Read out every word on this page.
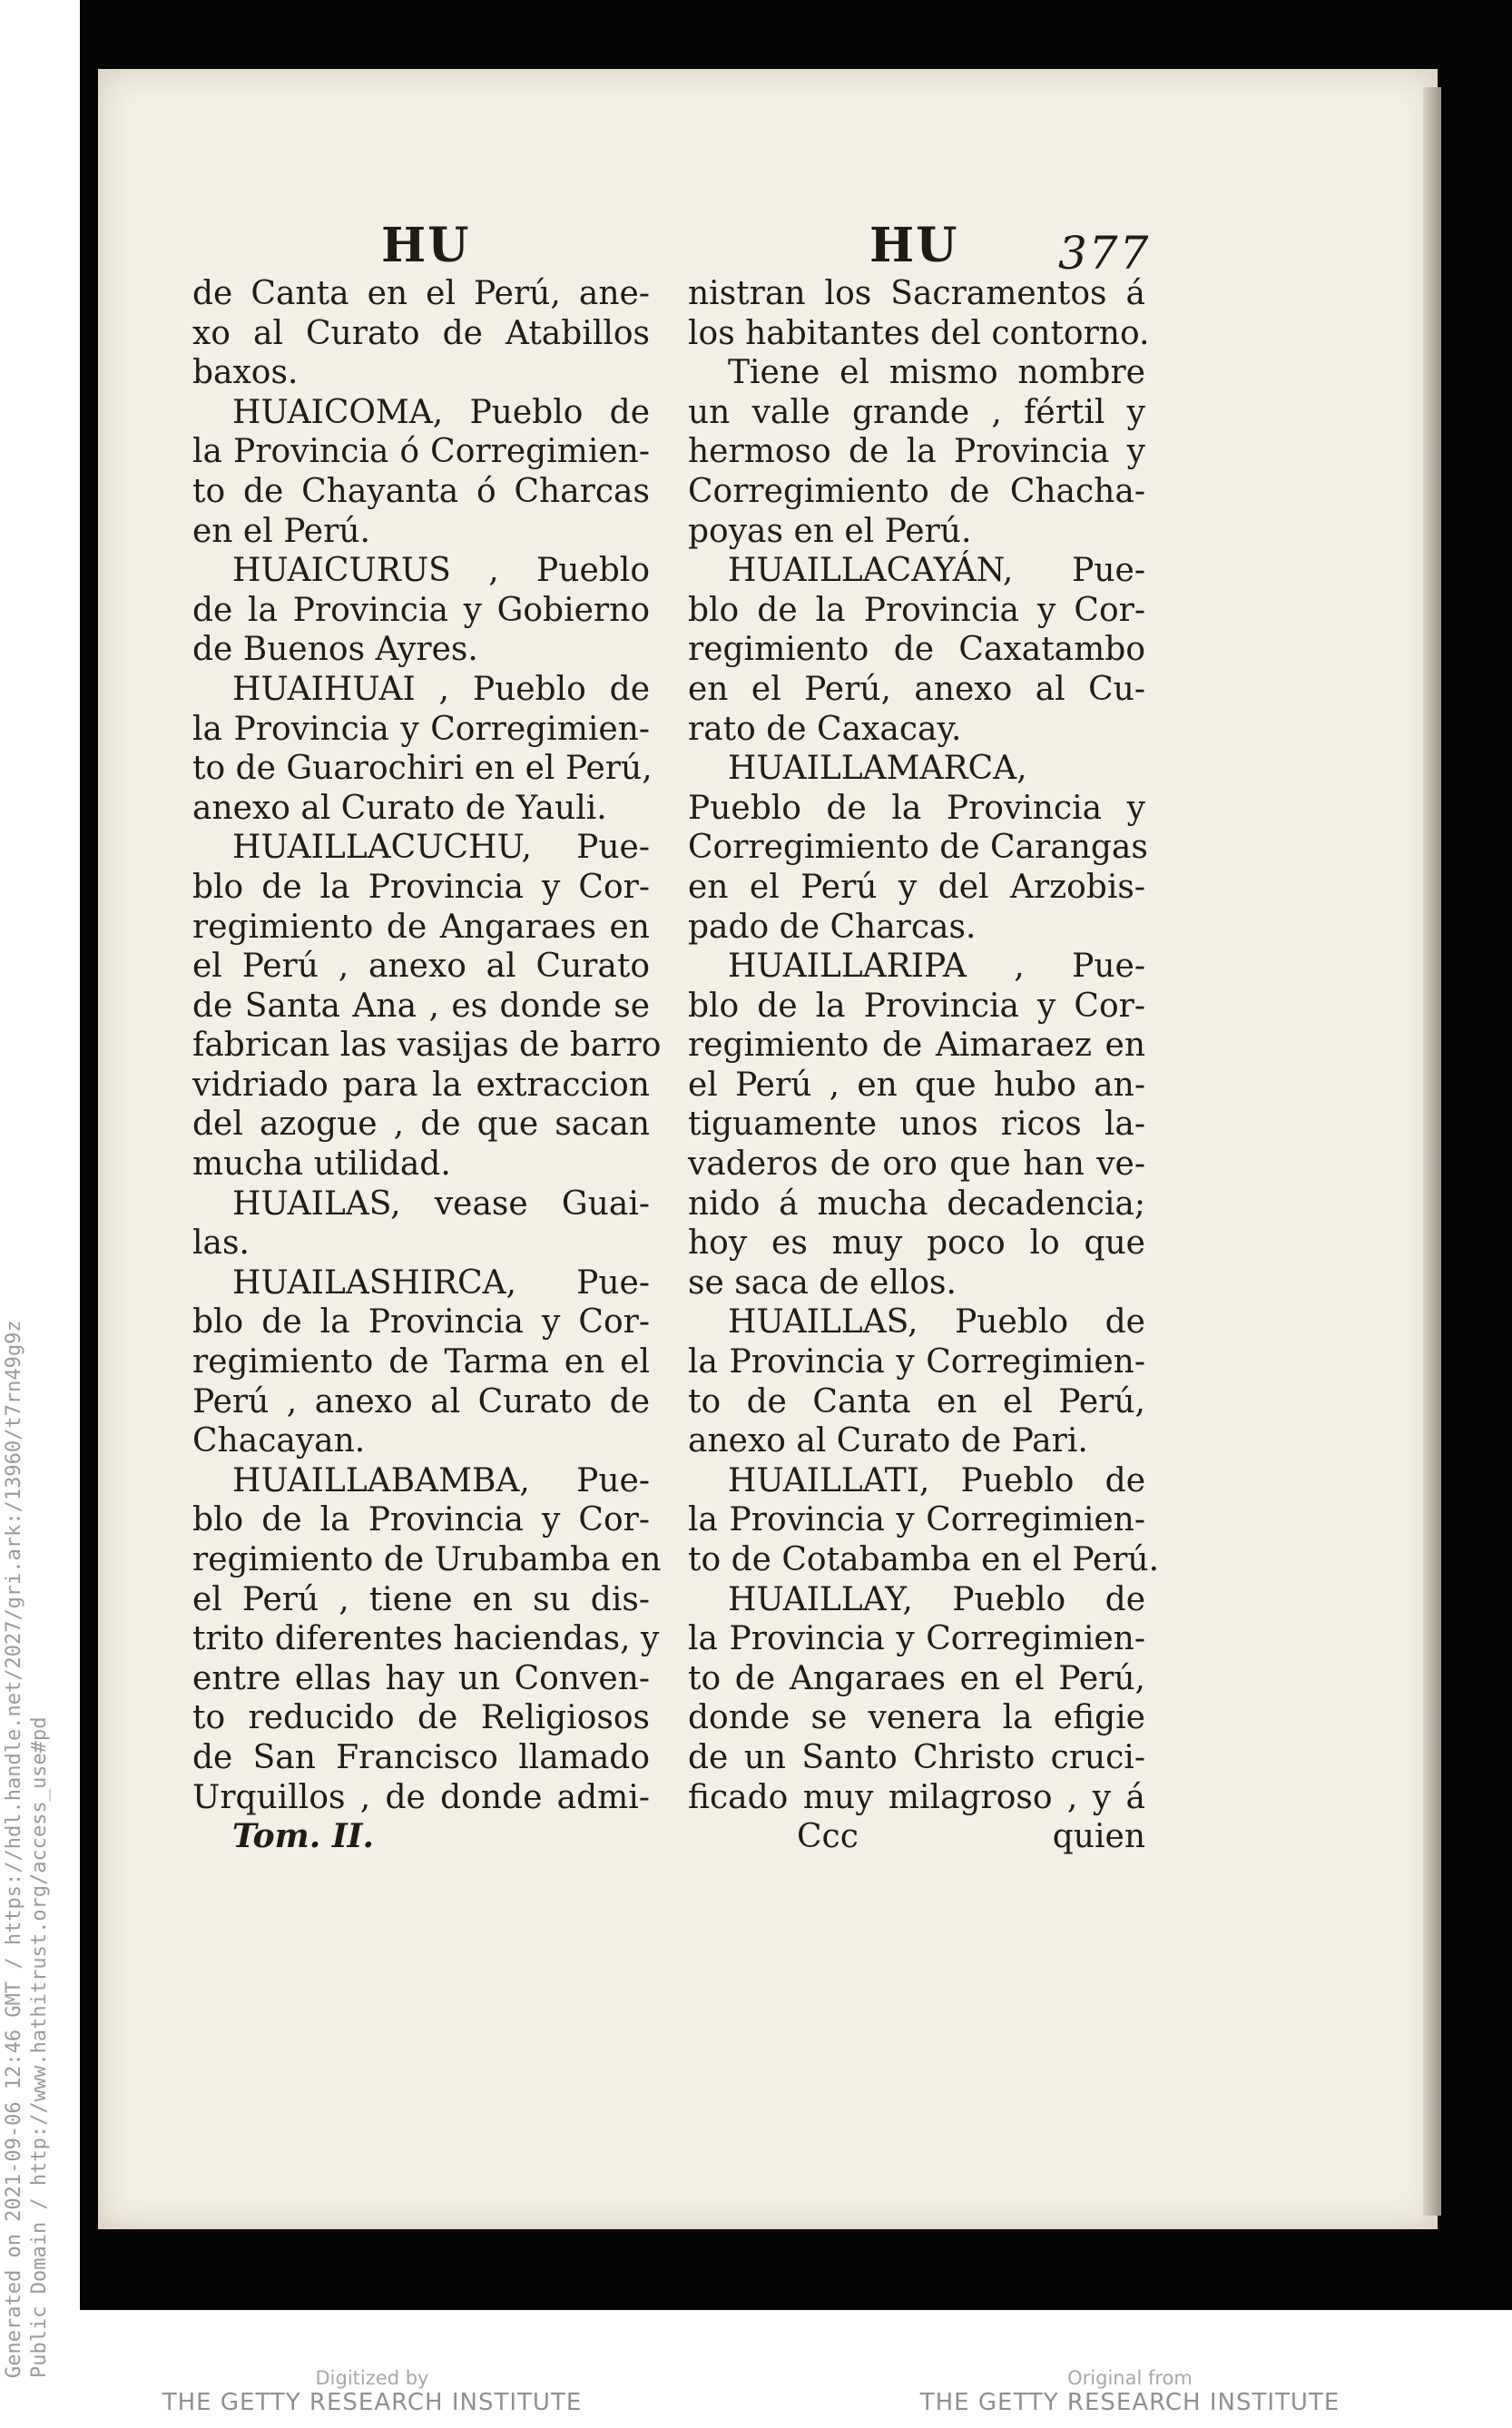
HU	HU 377
de Canta en el Perú, ane-
xo al Curato de Atabillos
baxos.
HUAICOMA, Pueblo de
la Provincia ó Corregimien-
to de Chayanta ó Charcas
en el Perú.
HUAICURUS , Pueblo
de la Provincia y Gobierno
de Buenos Ayres.
HUAIHUAI , Pueblo de
la Provincia y Corregimien-
to de Guarochiri en el Perú,
anexo al Curato de Yauli.
HUAILLACUCHU, Pue-
blo de la Provincia y Cor-
regimiento de Angaraes en
el Perú , anexo al Curato
de Santa Ana , es donde se
fabrican las vasijas de barro
vidriado para la extraccion
del azogue , de que sacan
mucha utilidad.
HUAILAS, vease Guai-
las.
HUAILASHIRCA, Pue-
blo de la Provincia y Cor-
regimiento de Tarma en el
Perú , anexo al Curato de
Chacayan.
HUAILLABAMBA, Pue-
blo de la Provincia y Cor-
regimiento de Urubamba en
el Perú , tiene en su dis-
trito diferentes haciendas, y
entre ellas hay un Conven-
to reducido de Religiosos
de San Francisco llamado
Urquillos , de donde admi-
Tom. II.
nistran los Sacramentos á
los habitantes del contorno.
Tiene el mismo nombre
un valle grande , fértil y
hermoso de la Provincia y
Corregimiento de Chacha-
poyas en el Perú.
HUAILLACAYÁN, Pue-
blo de la Provincia y Cor-
regimiento de Caxatambo
en el Perú, anexo al Cu-
rato de Caxacay.
HUAILLAMARCA,
Pueblo de la Provincia y
Corregimiento de Carangas
en el Perú y del Arzobis-
pado de Charcas.
HUAILLARIPA , Pue-
blo de la Provincia y Cor-
regimiento de Aimaraez en
el Perú , en que hubo an-
tiguamente unos ricos la-
vaderos de oro que han ve-
nido á mucha decadencia;
hoy es muy poco lo que
se saca de ellos.
HUAILLAS, Pueblo de
la Provincia y Corregimien-
to de Canta en el Perú,
anexo al Curato de Pari.
HUAILLATI, Pueblo de
la Provincia y Corregimien-
to de Cotabamba en el Perú.
HUAILLAY, Pueblo de
la Provincia y Corregimien-
to de Angaraes en el Perú,
donde se venera la efigie
de un Santo Christo cruci-
ficado muy milagroso , y á
Ccc	quien
Generated on 2021-09-06 12:46 GMT / https://hdl.handle.net/2027/gri.ark:/13960/t7rn49g9z Public Domain / http://www.hathitrust.org/access_use#pd	Digitized by
THE GETTY RESEARCH INSTITUTE
Original from
THE GETTY RESEARCH INSTITUTE
